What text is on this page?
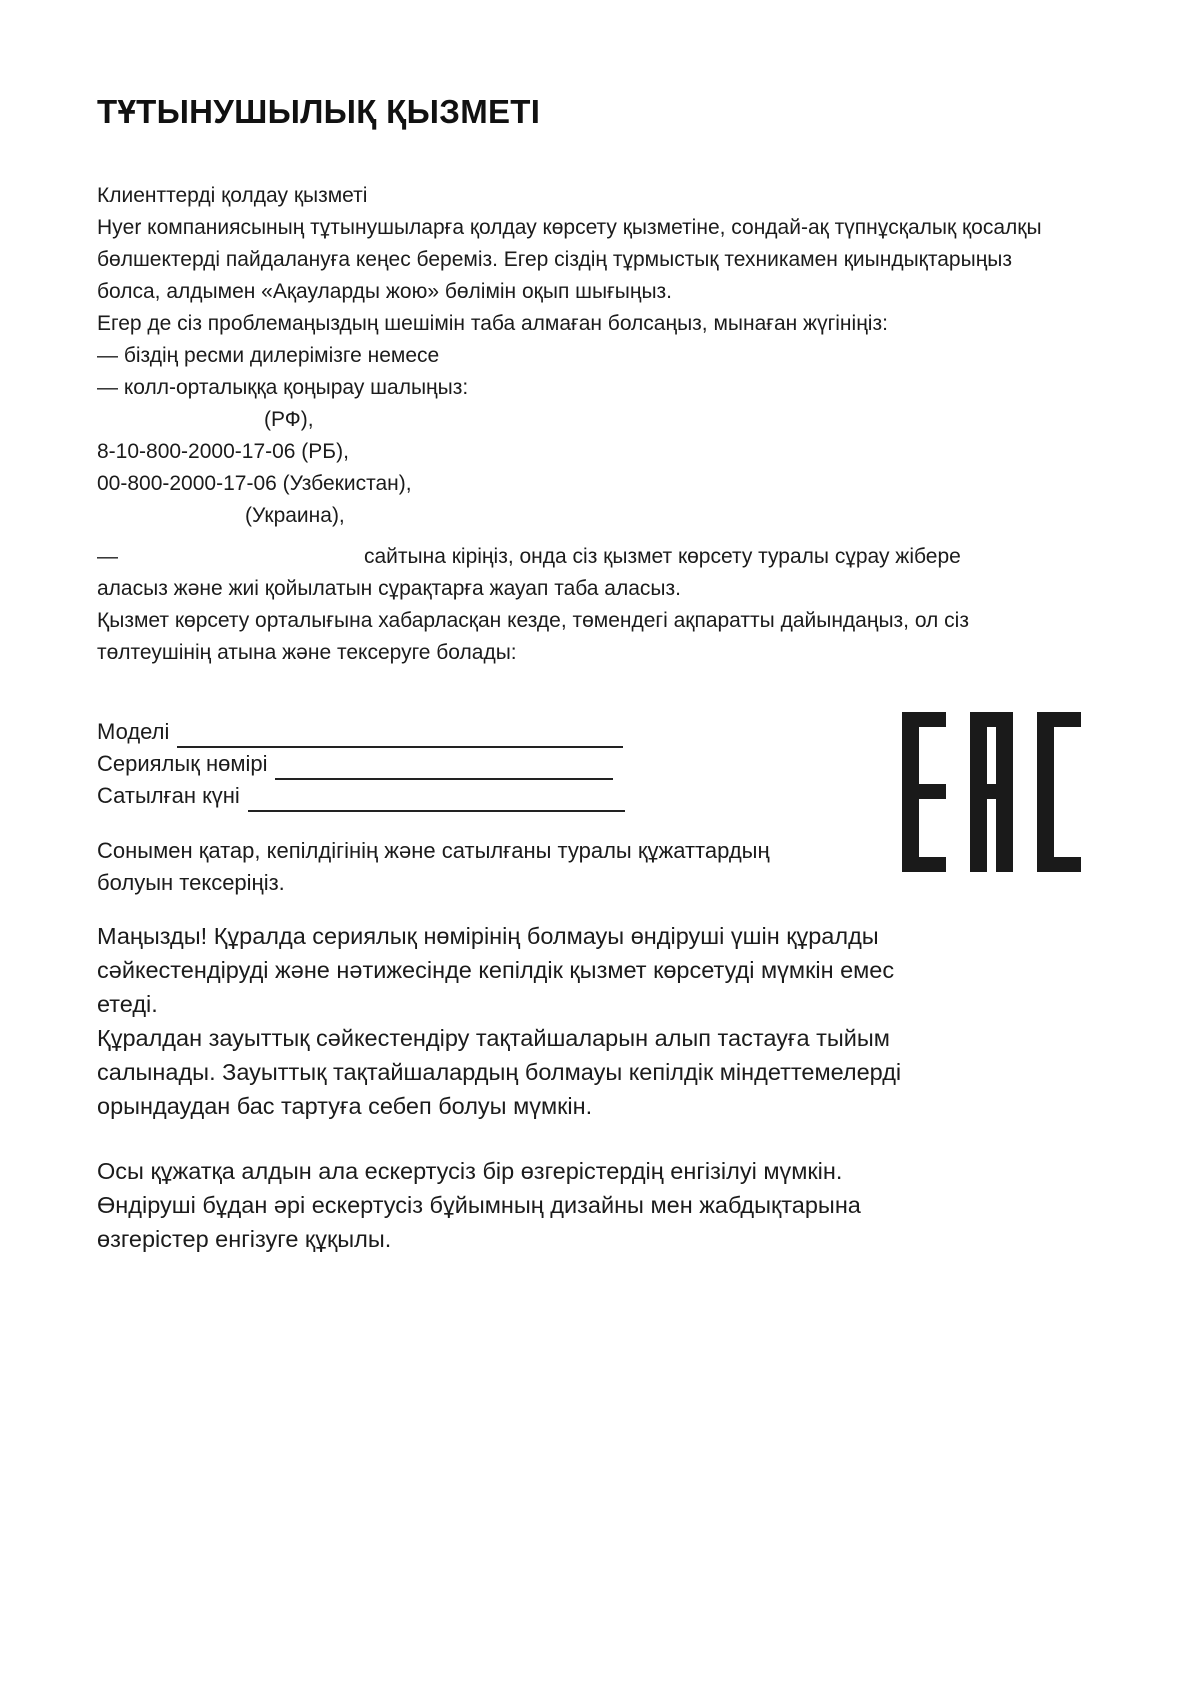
ТҰТЫНУШЫЛЫҚ ҚЫЗМЕТІ
Клиенттерді қолдау қызметі
Нyer компаниясының тұтынушыларға қолдау көрсету қызметіне, сондай-ақ түпнұсқалық қосалқы
бөлшектерді пайдалануға кеңес береміз. Егер сіздің тұрмыстық техникамен қиындықтарыңыз
болса, алдымен «Ақауларды жою» бөлімін оқып шығыңыз.
Егер де сіз проблемаңыздың шешімін таба алмаған болсаңыз, мынаған жүгініңіз:
— біздің ресми дилерімізге немесе
— колл-орталыққа қоңырау шалыңыз:
(РФ),
8-10-800-2000-17-06 (РБ),
00-800-2000-17-06 (Узбекистан),
(Украина),
—	сайтына кіріңіз, онда сіз қызмет көрсету туралы сұрау жібере
аласыз және жиі қойылатын сұрақтарға жауап таба аласыз.
Қызмет көрсету орталығына хабарласқан кезде, төмендегі ақпаратты дайындаңыз, ол сіз
төлтеушінің атына және тексеруге болады:
Моделі
Сериялық нөмірі
Сатылған күні
Сонымен қатар, кепілдігінің және сатылғаны туралы құжаттардың
болуын тексеріңіз.
Маңызды! Құралда сериялық нөмірінің болмауы өндіруші үшін құралды
сәйкестендіруді және нәтижесінде кепілдік қызмет көрсетуді мүмкін емес
етеді.
Құралдан зауыттық сәйкестендіру тақтайшаларын алып тастауға тыйым
салынады. Зауыттық тақтайшалардың болмауы кепілдік міндеттемелерді
орындаудан бас тартуға себеп болуы мүмкін.
Осы құжатқа алдын ала ескертусіз бір өзгерістердің енгізілуі мүмкін.
Өндіруші бұдан әрі ескертусіз бұйымның дизайны мен жабдықтарына
өзгерістер енгізуге құқылы.
